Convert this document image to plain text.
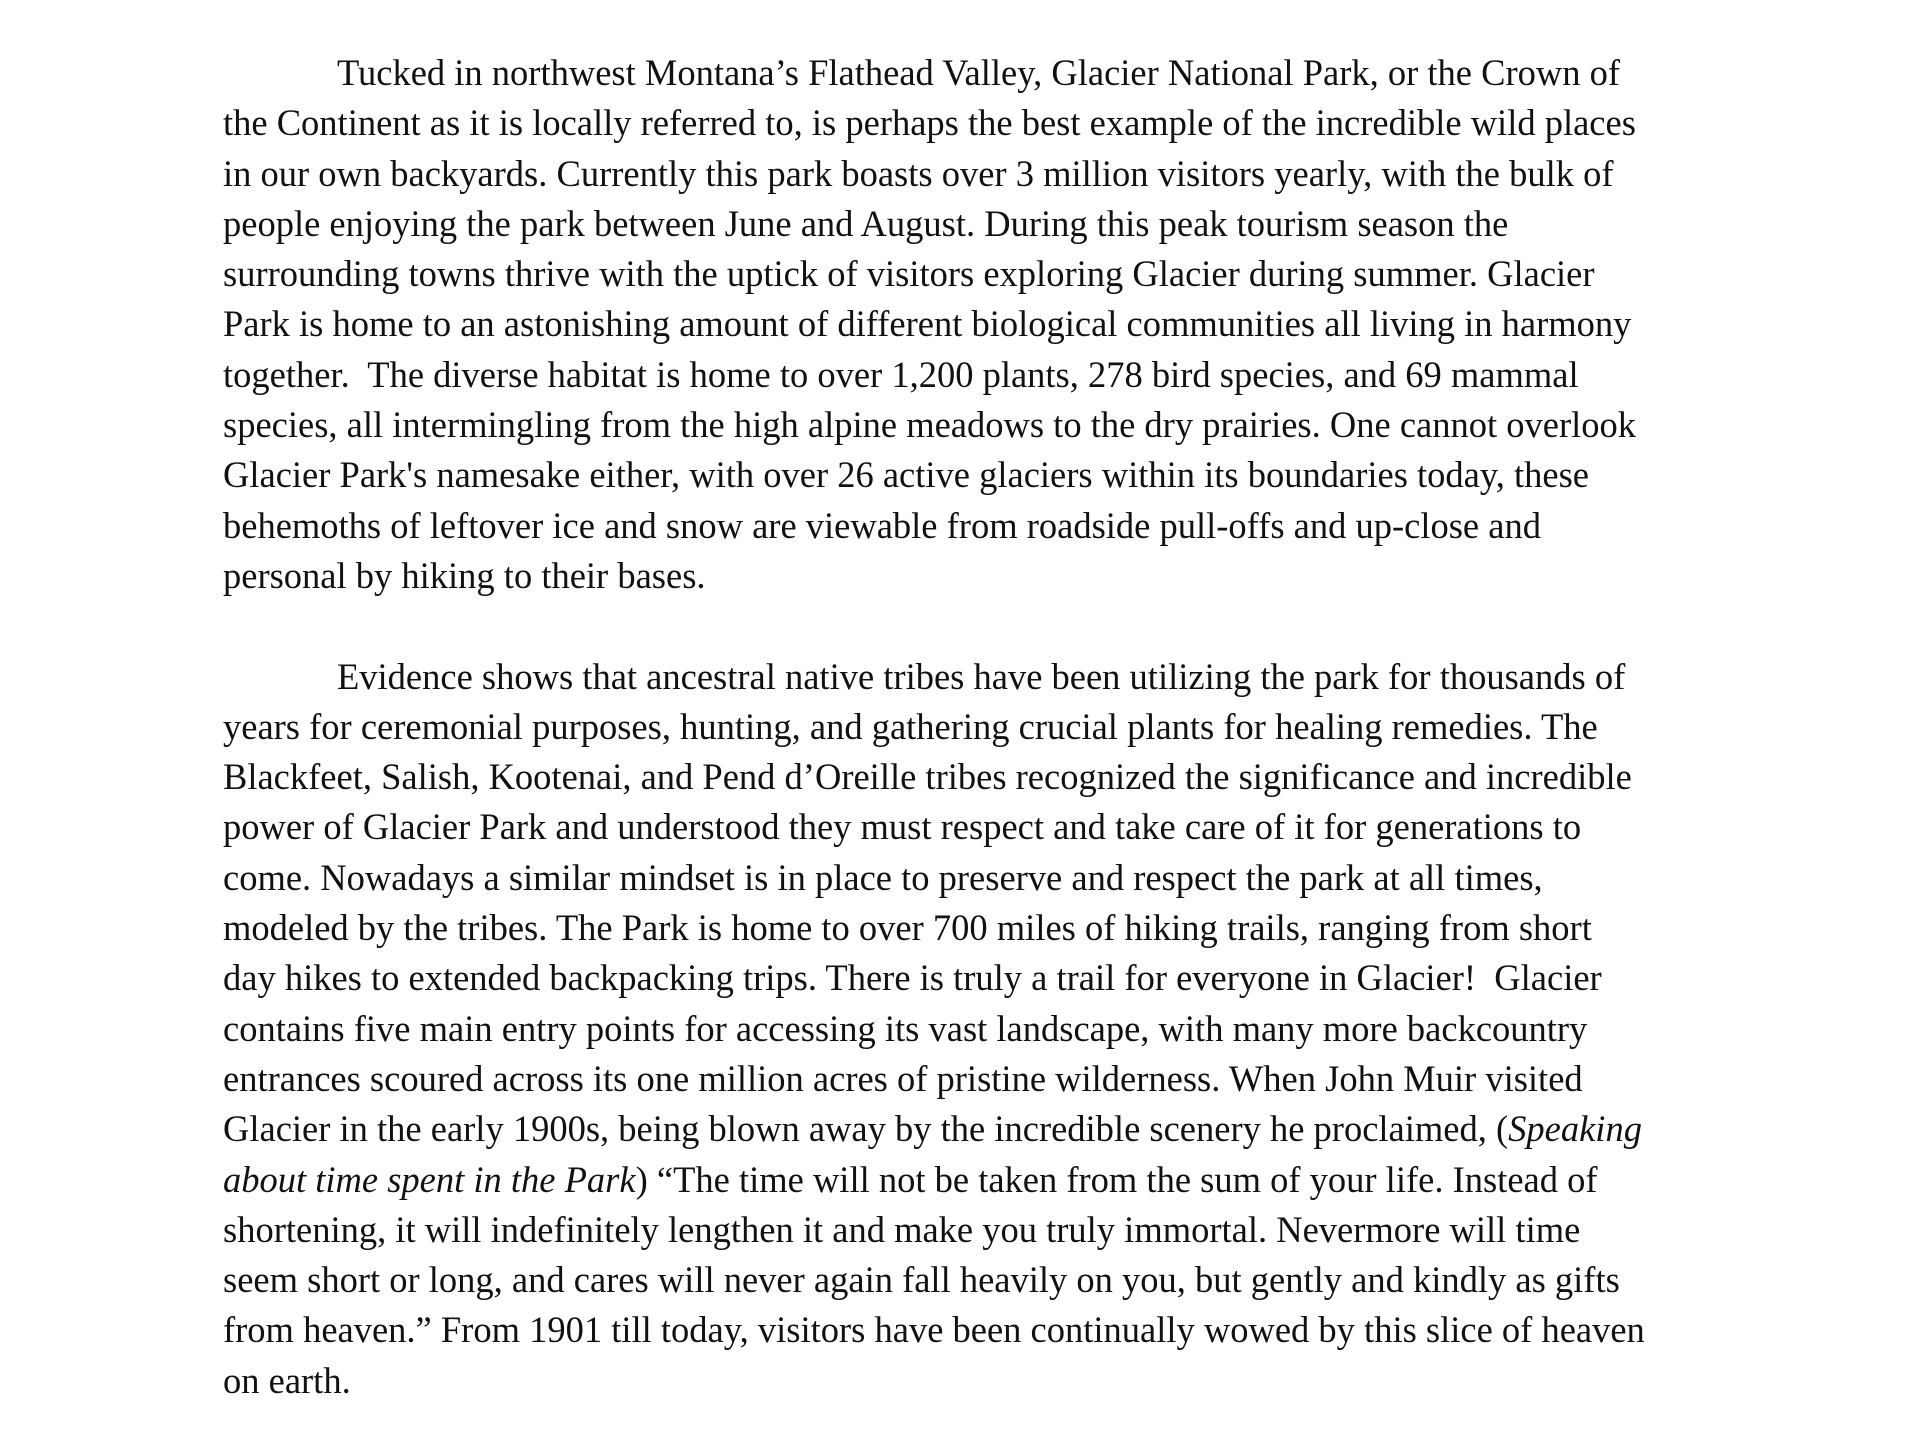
Tucked in northwest Montana’s Flathead Valley, Glacier National Park, or the Crown of
the Continent as it is locally referred to, is perhaps the best example of the incredible wild places
in our own backyards. Currently this park boasts over 3 million visitors yearly, with the bulk of
people enjoying the park between June and August. During this peak tourism season the
surrounding towns thrive with the uptick of visitors exploring Glacier during summer. Glacier
Park is home to an astonishing amount of different biological communities all living in harmony
together.  The diverse habitat is home to over 1,200 plants, 278 bird species, and 69 mammal
species, all intermingling from the high alpine meadows to the dry prairies. One cannot overlook
Glacier Park's namesake either, with over 26 active glaciers within its boundaries today, these
behemoths of leftover ice and snow are viewable from roadside pull-offs and up-close and
personal by hiking to their bases.
Evidence shows that ancestral native tribes have been utilizing the park for thousands of
years for ceremonial purposes, hunting, and gathering crucial plants for healing remedies. The
Blackfeet, Salish, Kootenai, and Pend d’Oreille tribes recognized the significance and incredible
power of Glacier Park and understood they must respect and take care of it for generations to
come. Nowadays a similar mindset is in place to preserve and respect the park at all times,
modeled by the tribes. The Park is home to over 700 miles of hiking trails, ranging from short
day hikes to extended backpacking trips. There is truly a trail for everyone in Glacier!  Glacier
contains five main entry points for accessing its vast landscape, with many more backcountry
entrances scoured across its one million acres of pristine wilderness. When John Muir visited
Glacier in the early 1900s, being blown away by the incredible scenery he proclaimed, (Speaking
about time spent in the Park) “The time will not be taken from the sum of your life. Instead of
shortening, it will indefinitely lengthen it and make you truly immortal. Nevermore will time
seem short or long, and cares will never again fall heavily on you, but gently and kindly as gifts
from heaven.” From 1901 till today, visitors have been continually wowed by this slice of heaven
on earth.
